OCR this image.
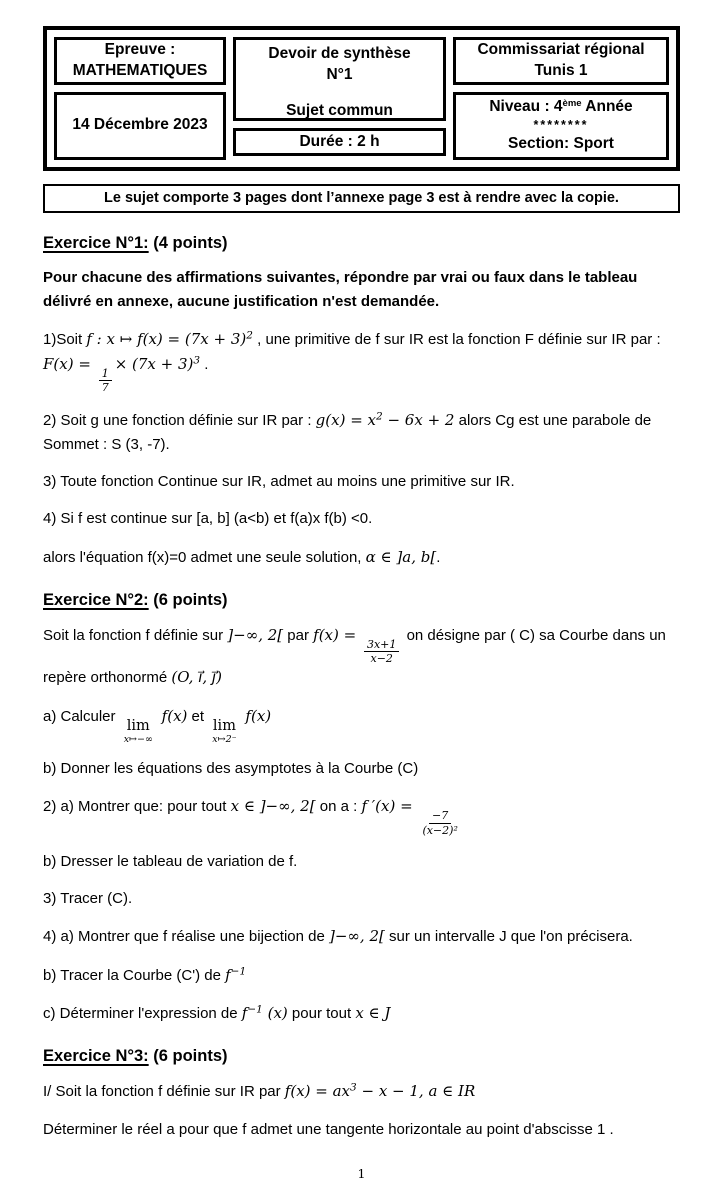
Epreuve :
MATHEMATIQUES
14 Décembre 2023
Devoir de synthèse
N°1
Sujet commun
Durée : 2 h
Commissariat régional
Tunis 1
Niveau : 4ème Année
********
Section: Sport
Le sujet comporte 3 pages dont l’annexe page 3 est à rendre avec la copie.
Exercice N°1: (4 points)
Pour chacune des affirmations suivantes, répondre par vrai ou faux dans le tableau délivré en annexe, aucune justification n'est demandée.
1)Soit f : x ↦ $f(x) = (7x + 3)^2$ , une primitive de f sur IR est la fonction F définie sur IR par : F(x) =
$\frac{1}{7}$
× $(7x + 3)^3$ .
2) Soit g une fonction définie sur IR par : $g(x) = x^2 - 6x + 2$ alors Cg est une parabole de Sommet : S (3, -7).
3) Toute fonction Continue sur IR, admet au moins une primitive sur IR.
4) Si f est continue sur [a, b] (a<b) et f(a)x f(b) <0.
alors l'équation f(x)=0 admet une seule solution, α ∈ ]a, b[.
Exercice N°2: (6 points)
Soit la fonction f définie sur ]−∞, 2[ par f(x) =
$\frac{3x+1}{x-2}$
on désigne par ( C) sa Courbe dans un repère orthonormé (O, ı⃗, ȷ⃗)
a) Calculer
lim
x↦−∞
f(x) et
lim
x↦2⁻
f(x)
b) Donner les équations des asymptotes à la Courbe (C)
2) a) Montrer que: pour tout x ∈ ]−∞, 2[ on a : f ′(x) =
$\frac{-7}{\text{(x−2)²}}$
b) Dresser le tableau de variation de f.
3) Tracer (C).
4) a) Montrer que f réalise une bijection de ]−∞, 2[ sur un intervalle J que l'on précisera.
b) Tracer la Courbe (C') de $f^{-1}$
c) Déterminer l'expression de $f^{-1}$ (x) pour tout x ∈ J
Exercice N°3: (6 points)
I/ Soit la fonction f définie sur IR par $f(x) = ax^3 - x - 1$, a ∈ IR
Déterminer le réel a pour que f admet une tangente horizontale au point d'abscisse 1 .
1
